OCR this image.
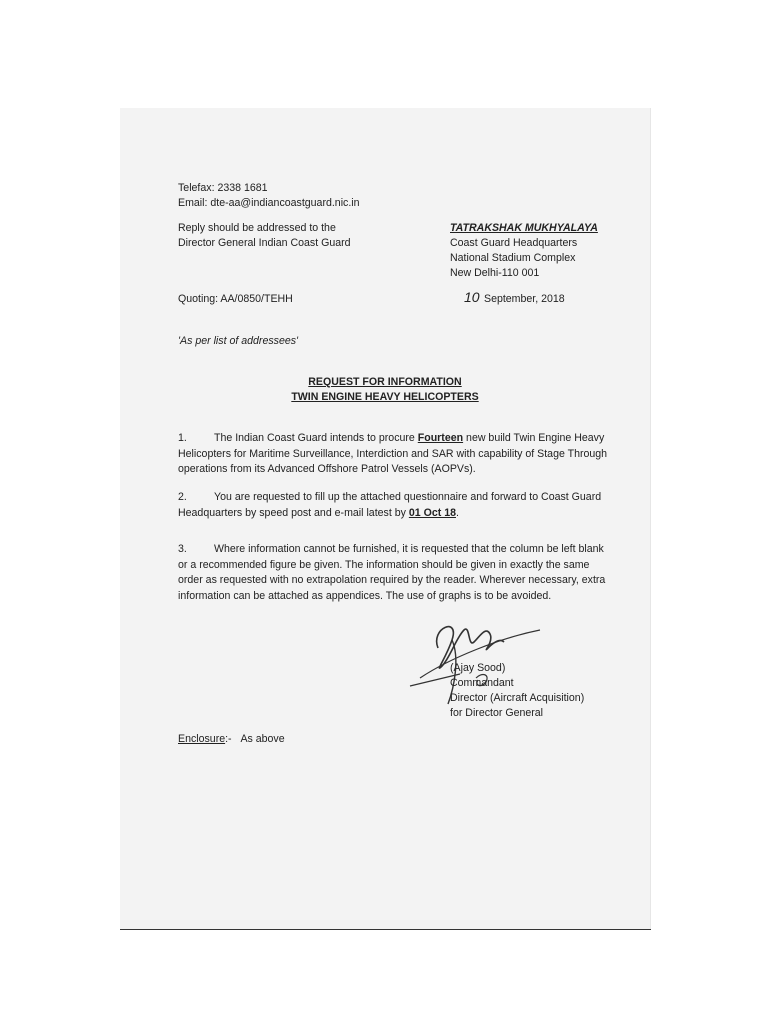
Telefax: 2338 1681
Email: dte-aa@indiancoastguard.nic.in
Reply should be addressed to the
Director General Indian Coast Guard
TATRAKSHAK MUKHYALAYA
Coast Guard Headquarters
National Stadium Complex
New Delhi-110 001
Quoting: AA/0850/TEHH	10 September, 2018
'As per list of addressees'
REQUEST FOR INFORMATION
TWIN ENGINE HEAVY HELICOPTERS
1.	The Indian Coast Guard intends to procure Fourteen new build Twin Engine Heavy
Helicopters for Maritime Surveillance, Interdiction and SAR with capability of Stage Through
operations from its Advanced Offshore Patrol Vessels (AOPVs).
2.	You are requested to fill up the attached questionnaire and forward to Coast Guard
Headquarters by speed post and e-mail latest by 01 Oct 18.
3.	Where information cannot be furnished, it is requested that the column be left blank
or a recommended figure be given. The information should be given in exactly the same
order as requested with no extrapolation required by the reader. Wherever necessary, extra
information can be attached as appendices. The use of graphs is to be avoided.
(Ajay Sood)
Commandant
Director (Aircraft Acquisition)
for Director General
Enclosure:- As above
